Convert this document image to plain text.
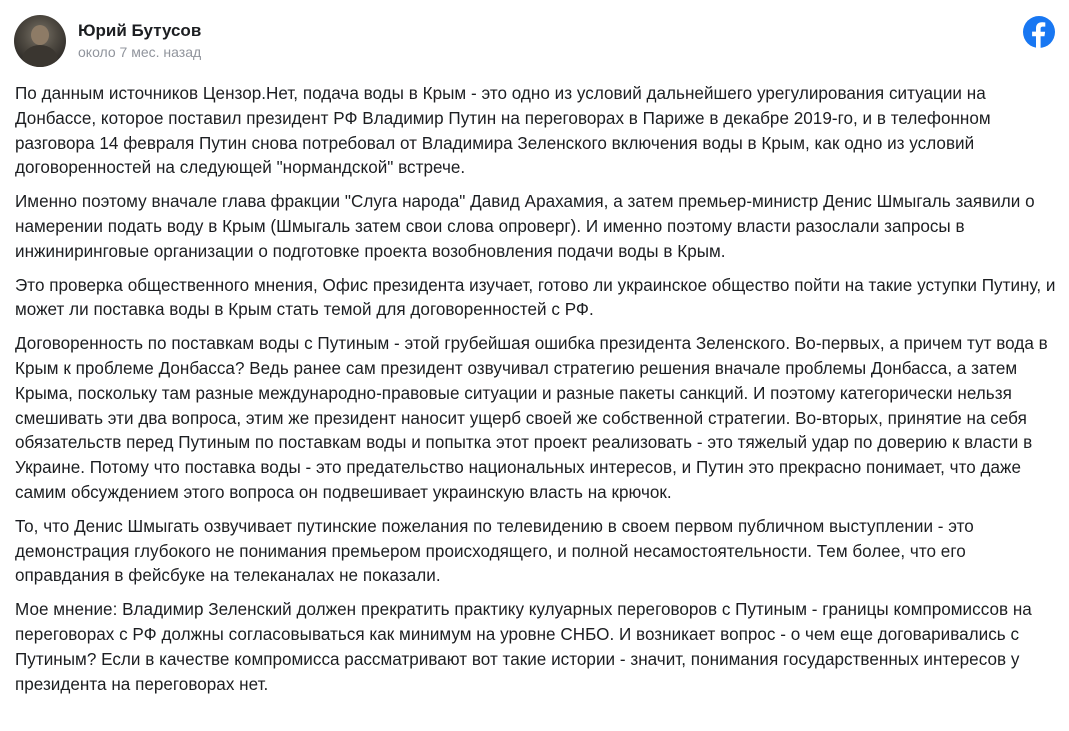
Юрий Бутусов
около 7 мес. назад

По данным источников Цензор.Нет, подача воды в Крым - это одно из условий дальнейшего урегулирования ситуации на Донбассе, которое поставил президент РФ Владимир Путин на переговорах в Париже в декабре 2019-го, и в телефонном разговора 14 февраля Путин снова потребовал от Владимира Зеленского включения воды в Крым, как одно из условий договоренностей на следующей "нормандской" встрече.

Именно поэтому вначале глава фракции "Слуга народа" Давид Арахамия, а затем премьер-министр Денис Шмыгаль заявили о намерении подать воду в Крым (Шмыгаль затем свои слова опроверг). И именно поэтому власти разослали запросы в инжиниринговые организации о подготовке проекта возобновления подачи воды в Крым.

Это проверка общественного мнения, Офис президента изучает, готово ли украинское общество пойти на такие уступки Путину, и может ли поставка воды в Крым стать темой для договоренностей с РФ.

Договоренность по поставкам воды с Путиным - этой грубейшая ошибка президента Зеленского. Во-первых, а причем тут вода в Крым к проблеме Донбасса? Ведь ранее сам президент озвучивал стратегию решения вначале проблемы Донбасса, а затем Крыма, поскольку там разные международно-правовые ситуации и разные пакеты санкций. И поэтому категорически нельзя смешивать эти два вопроса, этим же президент наносит ущерб своей же собственной стратегии. Во-вторых, принятие на себя обязательств перед Путиным по поставкам воды и попытка этот проект реализовать - это тяжелый удар по доверию к власти в Украине. Потому что поставка воды - это предательство национальных интересов, и Путин это прекрасно понимает, что даже самим обсуждением этого вопроса он подвешивает украинскую власть на крючок.

То, что Денис Шмыгать озвучивает путинские пожелания по телевидению в своем первом публичном выступлении - это демонстрация глубокого не понимания премьером происходящего, и полной несамостоятельности. Тем более, что его оправдания в фейсбуке на телеканалах не показали.

Мое мнение: Владимир Зеленский должен прекратить практику кулуарных переговоров с Путиным - границы компромиссов на переговорах с РФ должны согласовываться как минимум на уровне СНБО. И возникает вопрос - о чем еще договаривались с Путиным? Если в качестве компромисса рассматривают вот такие истории - значит, понимания государственных интересов у президента на переговорах нет.
